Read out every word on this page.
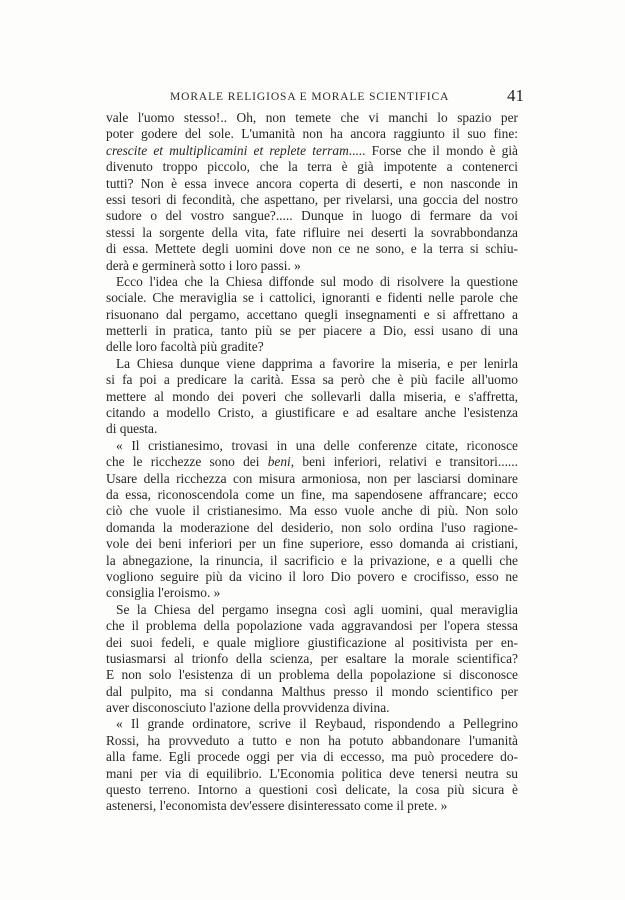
MORALE RELIGIOSA E MORALE SCIENTIFICA	41
vale l'uomo stesso!.. Oh, non temete che vi manchi lo spazio per
poter godere del sole. L'umanità non ha ancora raggiunto il suo fine:
crescite et multiplicamini et replete terram..... Forse che il mondo è già
divenuto troppo piccolo, che la terra è già impotente a contenerci
tutti? Non è essa invece ancora coperta di deserti, e non nasconde in
essi tesori di fecondità, che aspettano, per rivelarsi, una goccia del nostro
sudore o del vostro sangue?..... Dunque in luogo di fermare da voi
stessi la sorgente della vita, fate rifluire nei deserti la sovrabbondanza
di essa. Mettete degli uomini dove non ce ne sono, e la terra si schiu-
derà e germinerà sotto i loro passi. »
Ecco l'idea che la Chiesa diffonde sul modo di risolvere la questione
sociale. Che meraviglia se i cattolici, ignoranti e fidenti nelle parole che
risuonano dal pergamo, accettano quegli insegnamenti e si affrettano a
metterli in pratica, tanto più se per piacere a Dio, essi usano di una
delle loro facoltà più gradite?
La Chiesa dunque viene dapprima a favorire la miseria, e per lenirla
si fa poi a predicare la carità. Essa sa però che è più facile all'uomo
mettere al mondo dei poveri che sollevarli dalla miseria, e s'affretta,
citando a modello Cristo, a giustificare e ad esaltare anche l'esistenza
di questa.
« Il cristianesimo, trovasi in una delle conferenze citate, riconosce
che le ricchezze sono dei beni, beni inferiori, relativi e transitori......
Usare della ricchezza con misura armoniosa, non per lasciarsi dominare
da essa, riconoscendola come un fine, ma sapendosene affrancare; ecco
ciò che vuole il cristianesimo. Ma esso vuole anche di più. Non solo
domanda la moderazione del desiderio, non solo ordina l'uso ragione-
vole dei beni inferiori per un fine superiore, esso domanda ai cristiani,
la abnegazione, la rinuncia, il sacrificio e la privazione, e a quelli che
vogliono seguire più da vicino il loro Dio povero e crocifisso, esso ne
consiglia l'eroismo. »
Se la Chiesa del pergamo insegna così agli uomini, qual meraviglia
che il problema della popolazione vada aggravandosi per l'opera stessa
dei suoi fedeli, e quale migliore giustificazione al positivista per en-
tusiasmarsi al trionfo della scienza, per esaltare la morale scientifica?
E non solo l'esistenza di un problema della popolazione si disconosce
dal pulpito, ma si condanna Malthus presso il mondo scientifico per
aver disconosciuto l'azione della provvidenza divina.
« Il grande ordinatore, scrive il Reybaud, rispondendo a Pellegrino
Rossi, ha provveduto a tutto e non ha potuto abbandonare l'umanità
alla fame. Egli procede oggi per via di eccesso, ma può procedere do-
mani per via di equilibrio. L'Economia politica deve tenersi neutra su
questo terreno. Intorno a questioni così delicate, la cosa più sicura è
astenersi, l'economista dev'essere disinteressato come il prete. »
